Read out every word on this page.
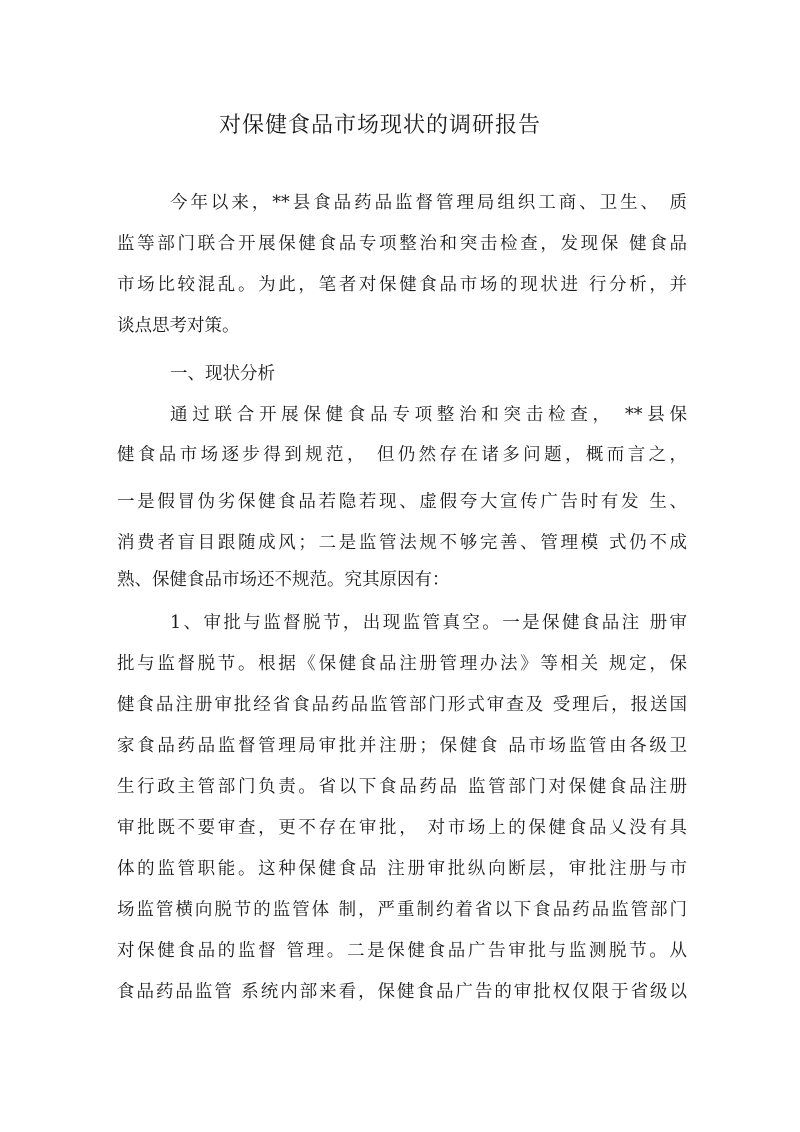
对保健食品市场现状的调研报告
今年以来，**县食品药品监督管理局组织工商、卫生、 质
监等部门联合开展保健食品专项整治和突击检查，发现保 健食品
市场比较混乱。为此，笔者对保健食品市场的现状进 行分析，并
谈点思考对策。
一、现状分析
通过联合开展保健食品专项整治和突击检查， **县保
健食品市场逐步得到规范， 但仍然存在诸多问题，概而言之，
一是假冒伪劣保健食品若隐若现、虚假夸大宣传广告时有发 生、
消费者盲目跟随成风；二是监管法规不够完善、管理模 式仍不成
熟、保健食品市场还不规范。究其原因有：
1、审批与监督脱节，出现监管真空。一是保健食品注 册审
批与监督脱节。根据《保健食品注册管理办法》等相关 规定，保
健食品注册审批经省食品药品监管部门形式审查及 受理后，报送国
家食品药品监督管理局审批并注册；保健食 品市场监管由各级卫
生行政主管部门负责。省以下食品药品 监管部门对保健食品注册
审批既不要审查，更不存在审批， 对市场上的保健食品乂没有具
体的监管职能。这种保健食品 注册审批纵向断层，审批注册与市
场监管横向脱节的监管体 制，严重制约着省以下食品药品监管部门
对保健食品的监督 管理。二是保健食品广告审批与监测脱节。从
食品药品监管 系统内部来看，保健食品广告的审批权仅限于省级以
